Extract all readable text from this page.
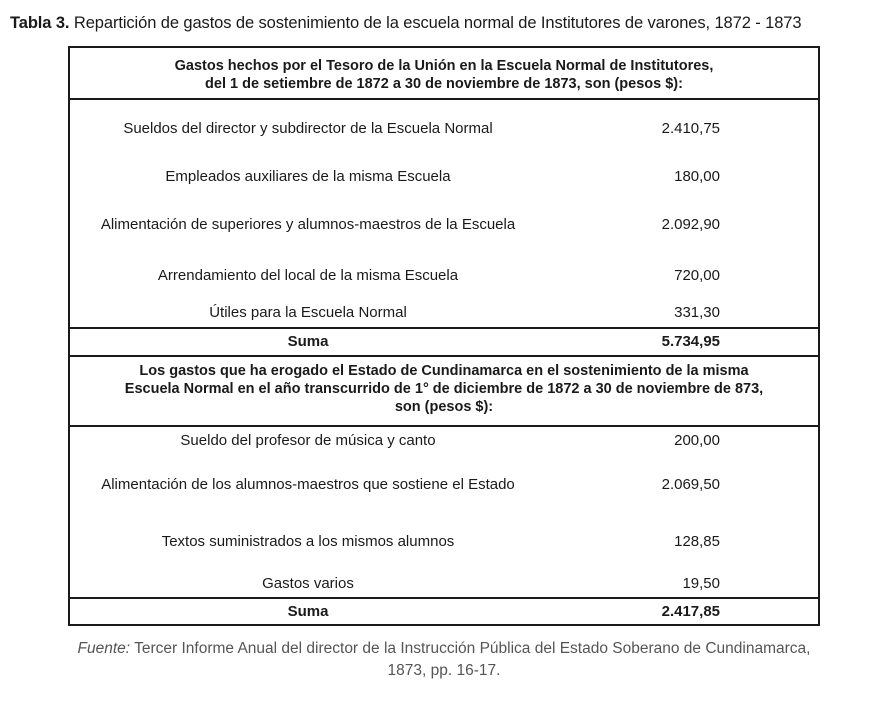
Tabla 3. Repartición de gastos de sostenimiento de la escuela normal de Institutores de varones, 1872 - 1873
Gastos hechos por el Tesoro de la Unión en la Escuela Normal de Institutores,
del 1 de setiembre de 1872 a 30 de noviembre de 1873, son (pesos $):
Sueldos del director y subdirector de la Escuela Normal	2.410,75
Empleados auxiliares de la misma Escuela	180,00
Alimentación de superiores y alumnos-maestros de la Escuela	2.092,90
Arrendamiento del local de la misma Escuela	720,00
Útiles para la Escuela Normal	331,30
Suma	5.734,95
Los gastos que ha erogado el Estado de Cundinamarca en el sostenimiento de la misma
Escuela Normal en el año transcurrido de 1° de diciembre de 1872 a 30 de noviembre de 873,
son (pesos $):
Sueldo del profesor de música y canto	200,00
Alimentación de los alumnos-maestros que sostiene el Estado	2.069,50
Textos suministrados a los mismos alumnos	128,85
Gastos varios	19,50
Suma	2.417,85
Fuente: Tercer Informe Anual del director de la Instrucción Pública del Estado Soberano de Cundinamarca,
1873, pp. 16-17.
